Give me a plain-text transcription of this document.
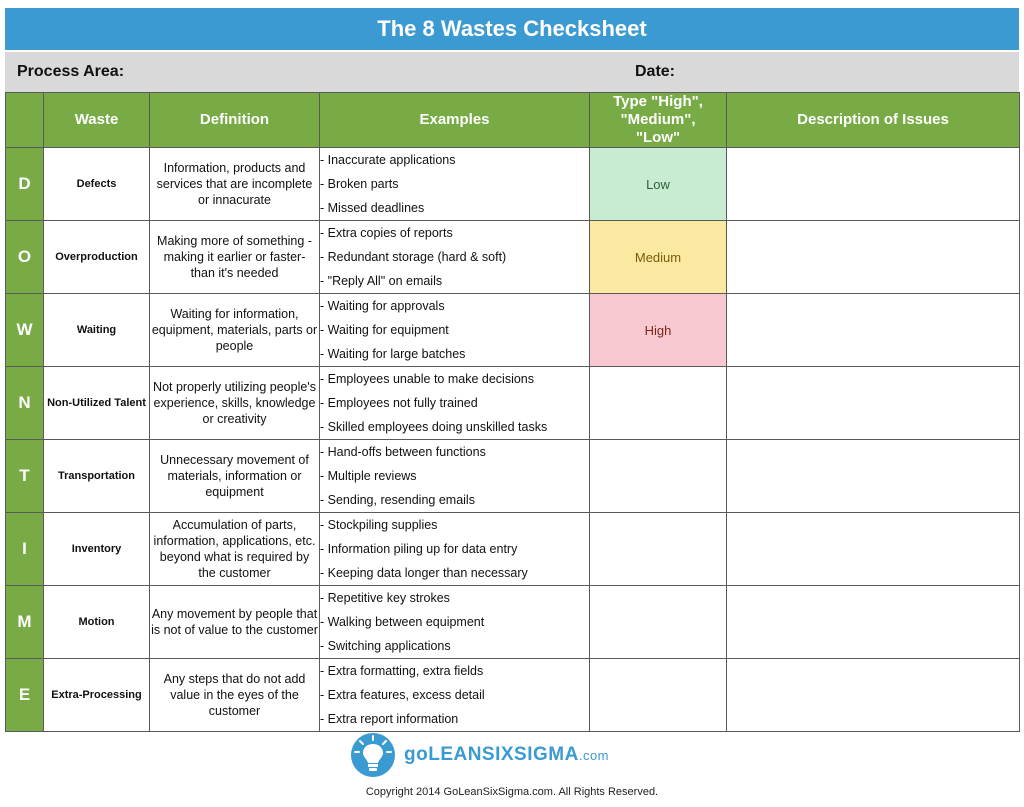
The 8 Wastes Checksheet
Process Area:	Date:
	Waste	Definition	Examples	Type "High", "Medium", "Low"	Description of Issues
D	Defects	Information, products and services that are incomplete or innacurate	- Inaccurate applications
- Broken parts
- Missed deadlines	Low	
O	Overproduction	Making more of something - making it earlier or faster- than it's needed	- Extra copies of reports
- Redundant storage (hard & soft)
- "Reply All" on emails	Medium	
W	Waiting	Waiting for information, equipment, materials, parts or people	- Waiting for approvals
- Waiting for equipment
- Waiting for large batches	High	
N	Non-Utilized Talent	Not properly utilizing people's experience, skills, knowledge or creativity	- Employees unable to make decisions
- Employees not fully trained
- Skilled employees doing unskilled tasks		

T	Transportation	Unnecessary movement of materials, information or equipment	- Hand-offs between functions
- Multiple reviews
- Sending, resending emails		

I	Inventory	Accumulation of parts, information, applications, etc. beyond what is required by the customer	- Stockpiling supplies
- Information piling up for data entry
- Keeping data longer than necessary		

M	Motion	Any movement by people that is not of value to the customer	- Repetitive key strokes
- Walking between equipment
- Switching applications		

E	Extra-Processing	Any steps that do not add value in the eyes of the customer	- Extra formatting, extra fields
- Extra features, excess detail
- Extra report information		

goLEANSIXSIGMA.com
Copyright 2014 GoLeanSixSigma.com. All Rights Reserved.
